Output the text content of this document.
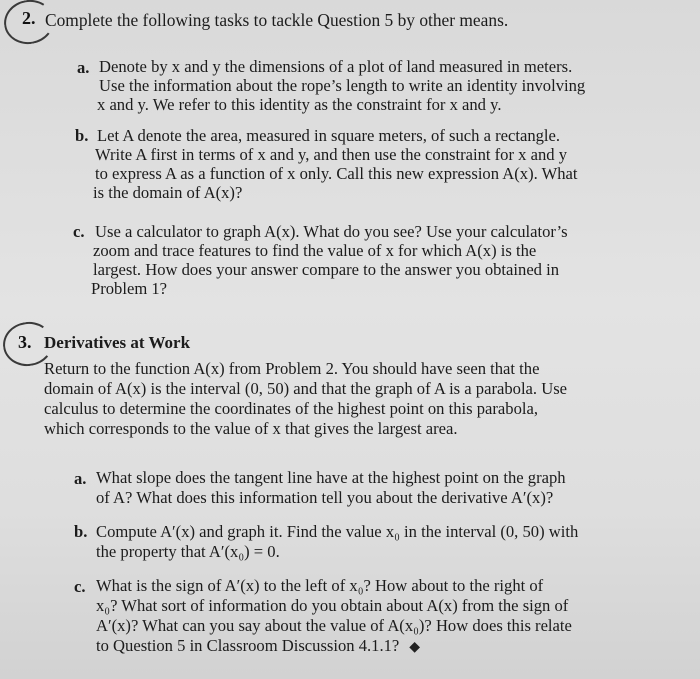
2. Complete the following tasks to tackle Question 5 by other means.
a. Denote by x and y the dimensions of a plot of land measured in meters.
Use the information about the rope’s length to write an identity involving
x and y. We refer to this identity as the constraint for x and y.
b. Let A denote the area, measured in square meters, of such a rectangle.
Write A first in terms of x and y, and then use the constraint for x and y
to express A as a function of x only. Call this new expression A(x). What
is the domain of A(x)?
c. Use a calculator to graph A(x). What do you see? Use your calculator’s
zoom and trace features to find the value of x for which A(x) is the
largest. How does your answer compare to the answer you obtained in
Problem 1?
3. Derivatives at Work
Return to the function A(x) from Problem 2. You should have seen that the
domain of A(x) is the interval (0, 50) and that the graph of A is a parabola. Use
calculus to determine the coordinates of the highest point on this parabola,
which corresponds to the value of x that gives the largest area.
a. What slope does the tangent line have at the highest point on the graph
of A? What does this information tell you about the derivative A′(x)?
b. Compute A′(x) and graph it. Find the value x₀ in the interval (0, 50) with
the property that A′(x₀) = 0.
c. What is the sign of A′(x) to the left of x₀? How about to the right of
x₀? What sort of information do you obtain about A(x) from the sign of
A′(x)? What can you say about the value of A(x₀)? How does this relate
to Question 5 in Classroom Discussion 4.1.1? ◆
